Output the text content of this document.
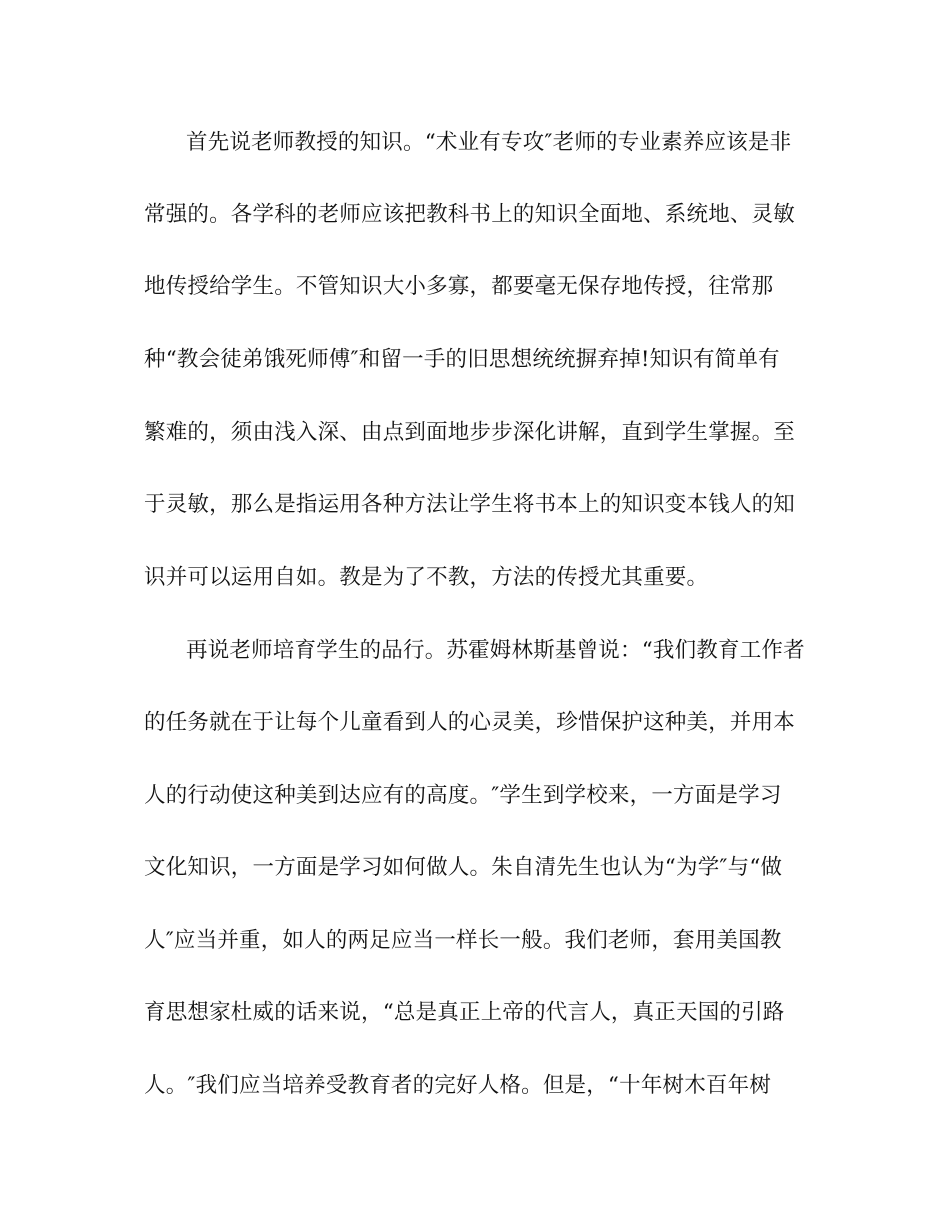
首先说老师教授的知识。“术业有专攻″老师的专业素养应该是非
常强的。各学科的老师应该把教科书上的知识全面地、系统地、灵敏
地传授给学生。不管知识大小多寡，都要毫无保存地传授，往常那
种“教会徒弟饿死师傅″和留一手的旧思想统统摒弃掉!知识有简单有
繁难的，须由浅入深、由点到面地步步深化讲解，直到学生掌握。至
于灵敏，那么是指运用各种方法让学生将书本上的知识变本钱人的知
识并可以运用自如。教是为了不教，方法的传授尤其重要。
再说老师培育学生的品行。苏霍姆林斯基曾说：“我们教育工作者
的任务就在于让每个儿童看到人的心灵美，珍惜保护这种美，并用本
人的行动使这种美到达应有的高度。″学生到学校来，一方面是学习
文化知识，一方面是学习如何做人。朱自清先生也认为“为学″与“做
人″应当并重，如人的两足应当一样长一般。我们老师，套用美国教
育思想家杜威的话来说，“总是真正上帝的代言人，真正天国的引路
人。″我们应当培养受教育者的完好人格。但是，“十年树木百年树
